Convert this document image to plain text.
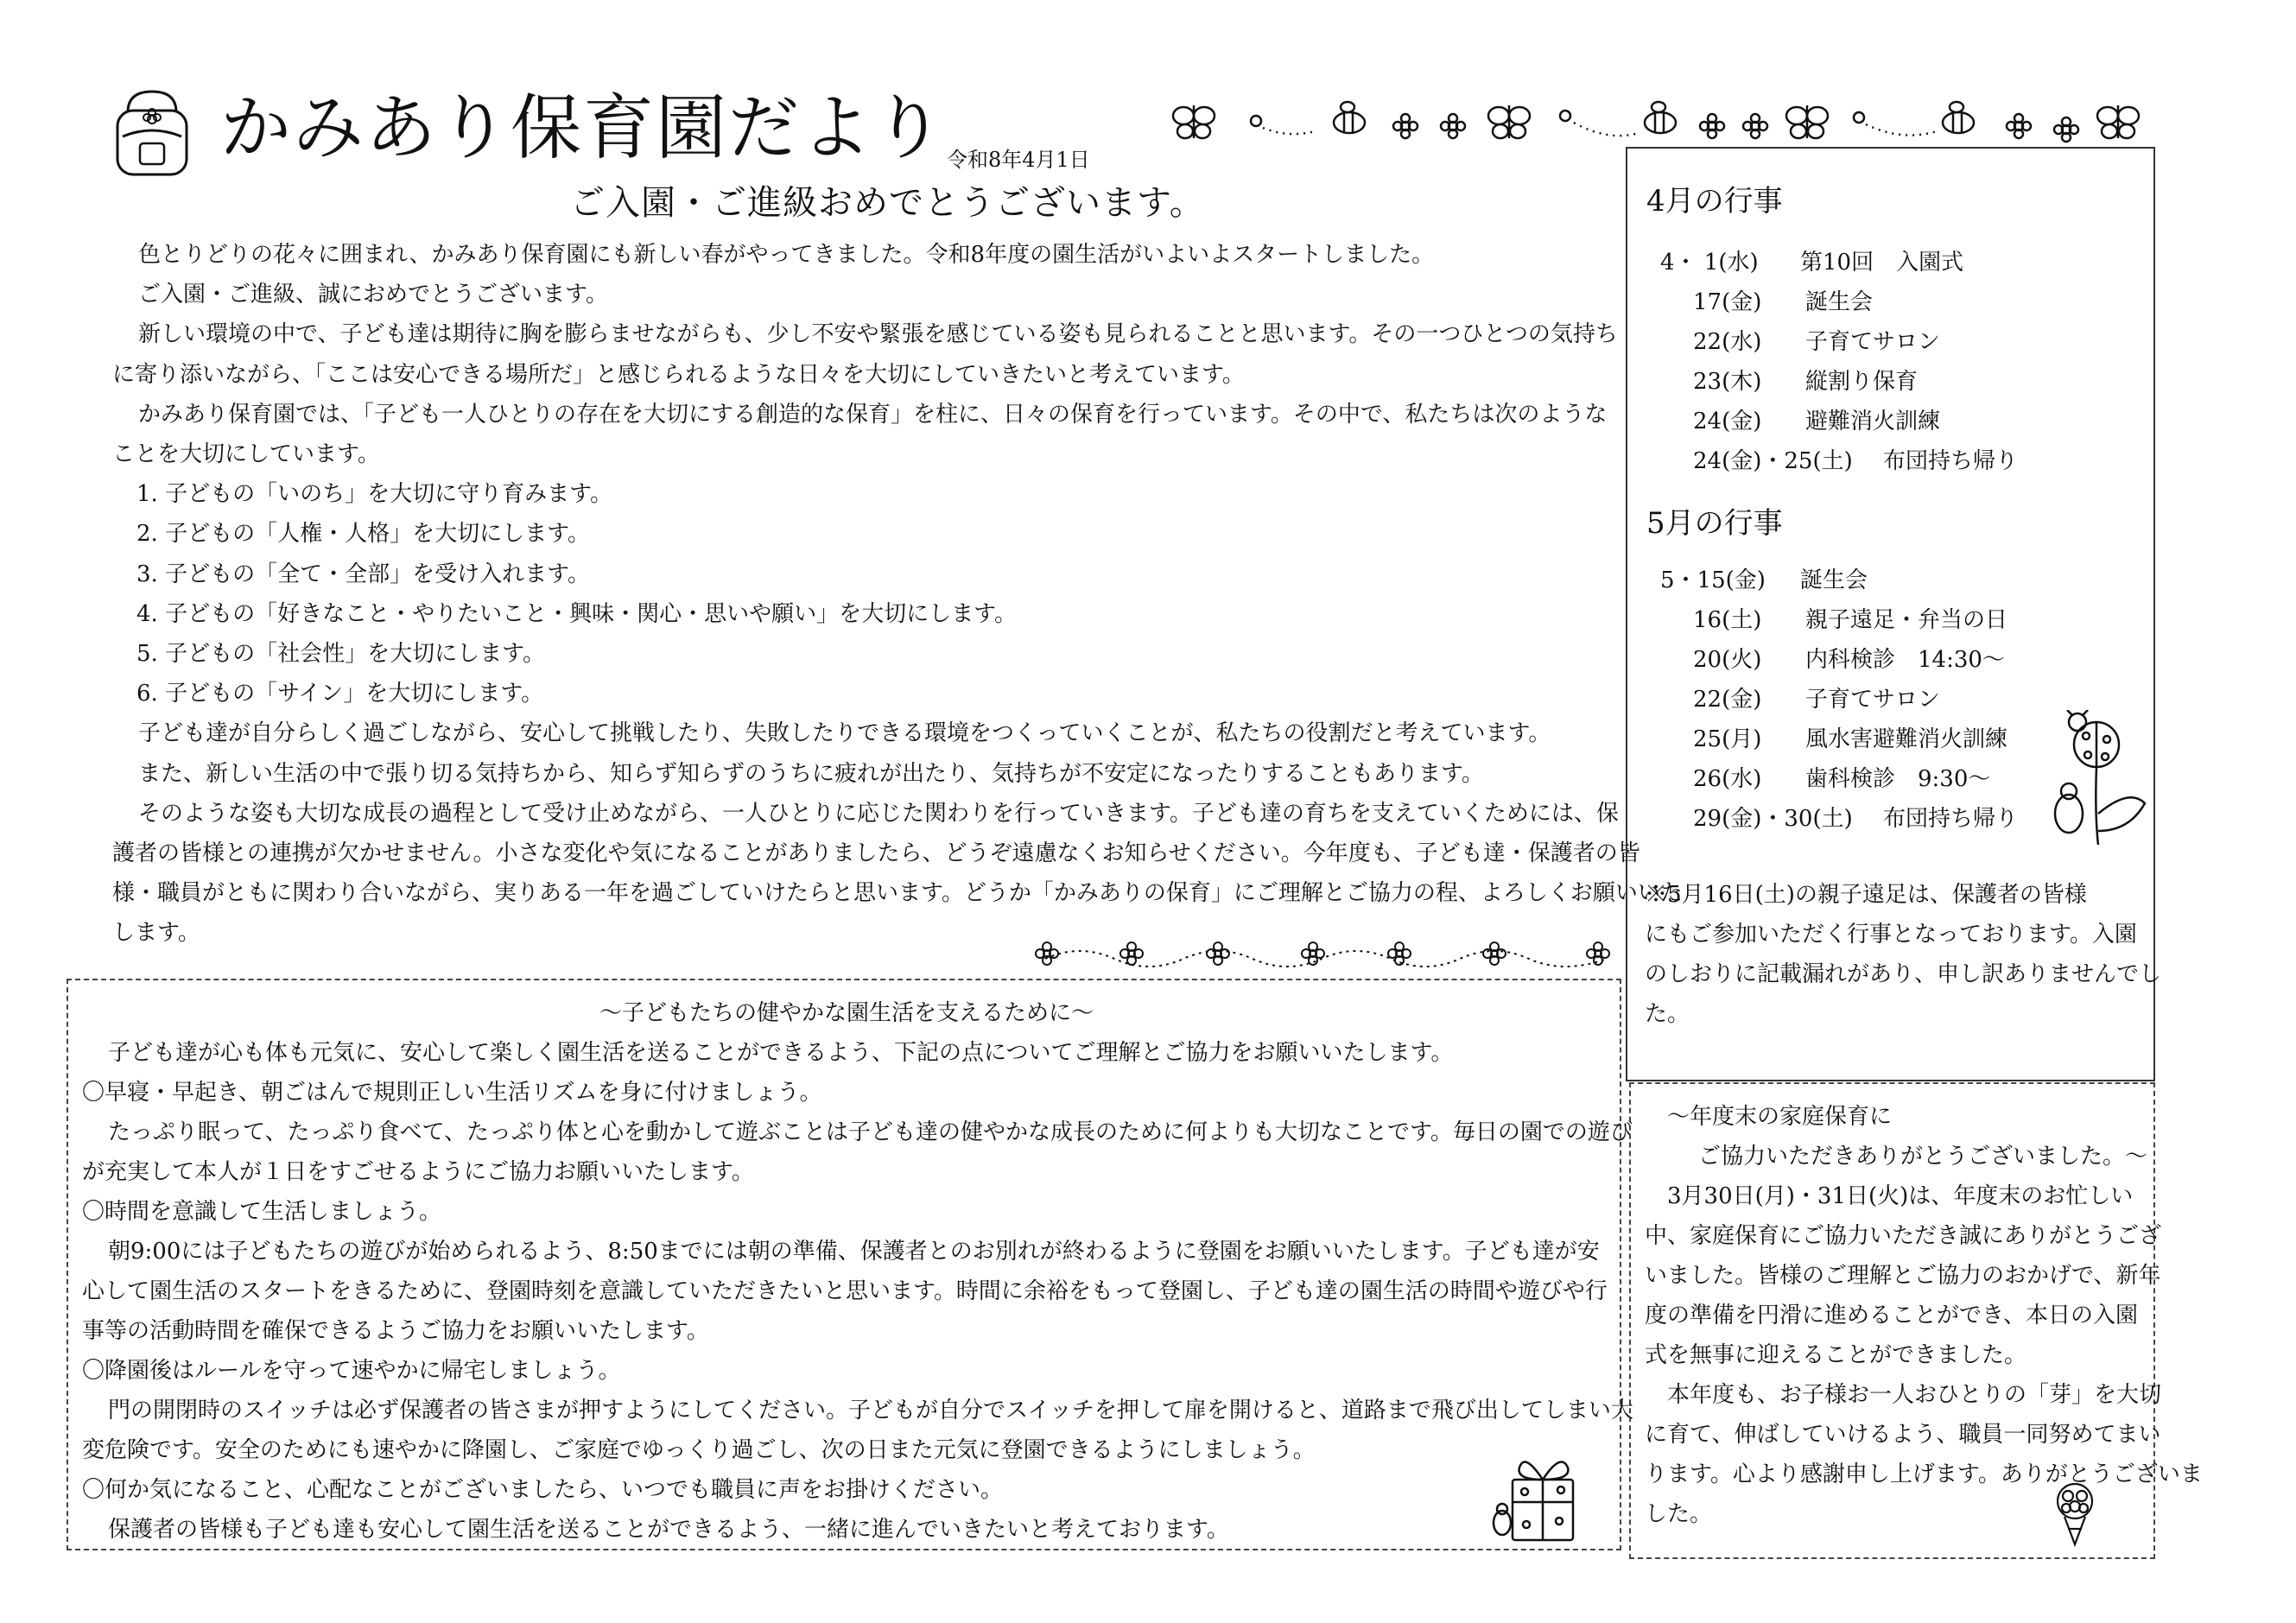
かみあり保育園だより 令和8年4月1日
ご入園・ご進級おめでとうございます。

色とりどりの花々に囲まれ、かみあり保育園にも新しい春がやってきました。令和8年度の園生活がいよいよスタートしました。

ご入園・ご進級、誠におめでとうございます。

新しい環境の中で、子ども達は期待に胸を膨らませながらも、少し不安や緊張を感じている姿も見られることと思います。その一つひとつの気持ち

に寄り添いながら、「ここは安心できる場所だ」と感じられるような日々を大切にしていきたいと考えています。

かみあり保育園では、「子ども一人ひとりの存在を大切にする創造的な保育」を柱に、日々の保育を行っています。その中で、私たちは次のような

ことを大切にしています。

1. 子どもの「いのち」を大切に守り育みます。

2. 子どもの「人権・人格」を大切にします。

3. 子どもの「全て・全部」を受け入れます。

4. 子どもの「好きなこと・やりたいこと・興味・関心・思いや願い」を大切にします。

5. 子どもの「社会性」を大切にします。

6. 子どもの「サイン」を大切にします。

子ども達が自分らしく過ごしながら、安心して挑戦したり、失敗したりできる環境をつくっていくことが、私たちの役割だと考えています。

また、新しい生活の中で張り切る気持ちから、知らず知らずのうちに疲れが出たり、気持ちが不安定になったりすることもあります。

そのような姿も大切な成長の過程として受け止めながら、一人ひとりに応じた関わりを行っていきます。子ども達の育ちを支えていくためには、保

護者の皆様との連携が欠かせません。小さな変化や気になることがありましたら、どうぞ遠慮なくお知らせください。今年度も、子ども達・保護者の皆

様・職員がともに関わり合いながら、実りある一年を過ごしていけたらと思います。どうか「かみありの保育」にご理解とご協力の程、よろしくお願いいた

します。

～子どもたちの健やかな園生活を支えるために～

子ども達が心も体も元気に、安心して楽しく園生活を送ることができるよう、下記の点についてご理解とご協力をお願いいたします。

〇早寝・早起き、朝ごはんで規則正しい生活リズムを身に付けましょう。

たっぷり眠って、たっぷり食べて、たっぷり体と心を動かして遊ぶことは子ども達の健やかな成長のために何よりも大切なことです。毎日の園での遊び

が充実して本人が１日をすごせるようにご協力お願いいたします。

〇時間を意識して生活しましょう。

朝9:00には子どもたちの遊びが始められるよう、8:50までには朝の準備、保護者とのお別れが終わるように登園をお願いいたします。子ども達が安

心して園生活のスタートをきるために、登園時刻を意識していただきたいと思います。時間に余裕をもって登園し、子ども達の園生活の時間や遊びや行

事等の活動時間を確保できるようご協力をお願いいたします。

〇降園後はルールを守って速やかに帰宅しましょう。

門の開閉時のスイッチは必ず保護者の皆さまが押すようにしてください。子どもが自分でスイッチを押して扉を開けると、道路まで飛び出してしまい大

変危険です。安全のためにも速やかに降園し、ご家庭でゆっくり過ごし、次の日また元気に登園できるようにしましょう。

〇何か気になること、心配なことがございましたら、いつでも職員に声をお掛けください。

保護者の皆様も子ども達も安心して園生活を送ることができるよう、一緒に進んでいきたいと考えております。

4月の行事
4・ 1(水) 第10回　入園式
17(金) 誕生会
22(水) 子育てサロン
23(木) 縦割り保育
24(金) 避難消火訓練
24(金)・25(土) 布団持ち帰り
5月の行事
5・15(金) 誕生会
16(土) 親子遠足・弁当の日
20(火) 内科検診　14:30～
22(金) 子育てサロン
25(月) 風水害避難消火訓練
26(水) 歯科検診　9:30～
29(金)・30(土) 布団持ち帰り

※5月16日(土)の親子遠足は、保護者の皆様

にもご参加いただく行事となっております。入園

のしおりに記載漏れがあり、申し訳ありませんでし

た。

～年度末の家庭保育に

ご協力いただきありがとうございました。～

3月30日(月)・31日(火)は、年度末のお忙しい

中、家庭保育にご協力いただき誠にありがとうござ

いました。皆様のご理解とご協力のおかげで、新年

度の準備を円滑に進めることができ、本日の入園

式を無事に迎えることができました。

本年度も、お子様お一人おひとりの「芽」を大切

に育て、伸ばしていけるよう、職員一同努めてまい

ります。心より感謝申し上げます。ありがとうございま

した。
